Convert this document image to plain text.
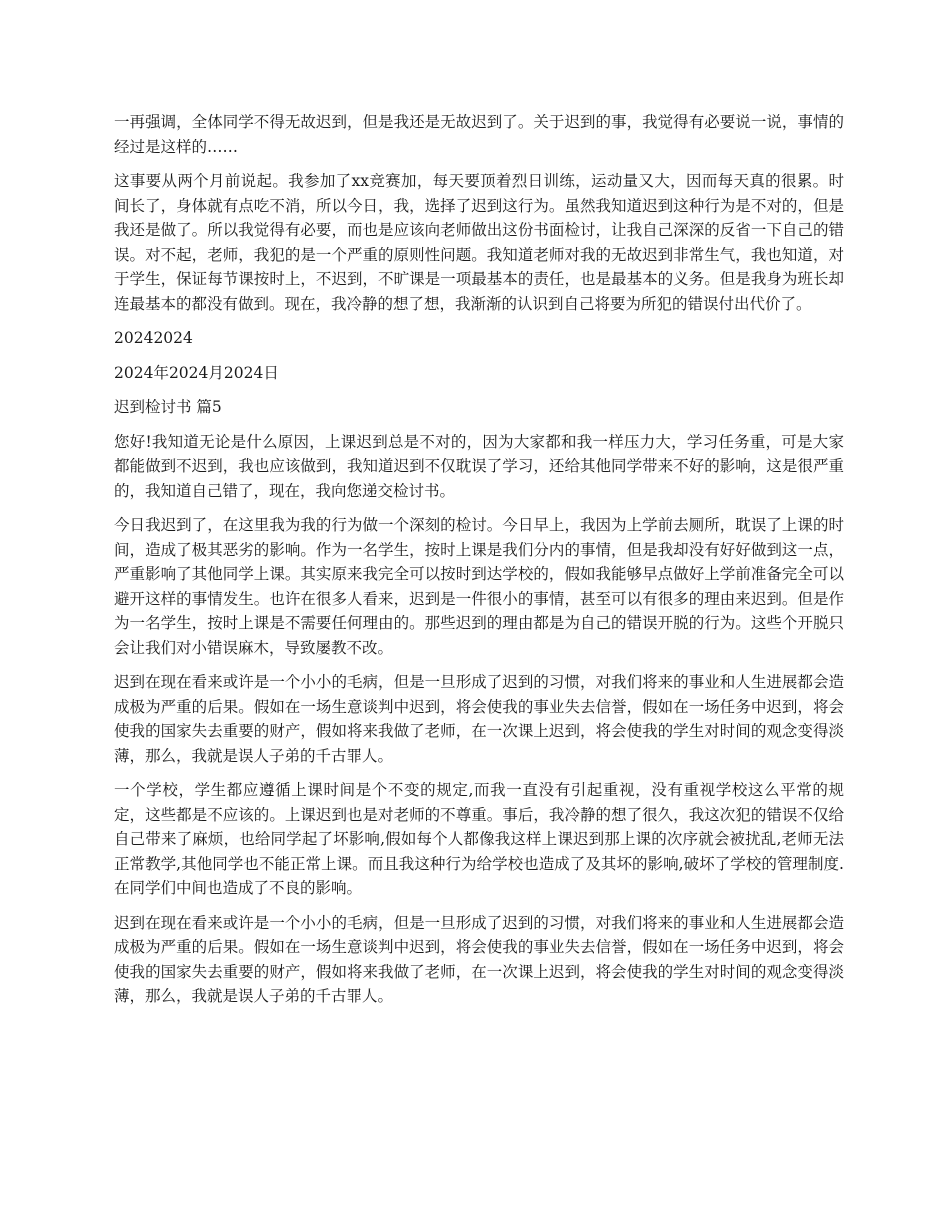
一再强调，全体同学不得无故迟到，但是我还是无故迟到了。关于迟到的事，我觉得有必要说一说，事情的经过是这样的……

这事要从两个月前说起。我参加了xx竞赛加，每天要顶着烈日训练，运动量又大，因而每天真的很累。时间长了，身体就有点吃不消，所以今日，我，选择了迟到这行为。虽然我知道迟到这种行为是不对的，但是我还是做了。所以我觉得有必要，而也是应该向老师做出这份书面检讨，让我自己深深的反省一下自己的错误。对不起，老师，我犯的是一个严重的原则性问题。我知道老师对我的无故迟到非常生气，我也知道，对于学生，保证每节课按时上，不迟到，不旷课是一项最基本的责任，也是最基本的义务。但是我身为班长却连最基本的都没有做到。现在，我冷静的想了想，我渐渐的认识到自己将要为所犯的错误付出代价了。

20242024

2024年2024月2024日

迟到检讨书 篇5

您好!我知道无论是什么原因，上课迟到总是不对的，因为大家都和我一样压力大，学习任务重，可是大家都能做到不迟到，我也应该做到，我知道迟到不仅耽误了学习，还给其他同学带来不好的影响，这是很严重的，我知道自己错了，现在，我向您递交检讨书。

今日我迟到了，在这里我为我的行为做一个深刻的检讨。今日早上，我因为上学前去厕所，耽误了上课的时间，造成了极其恶劣的影响。作为一名学生，按时上课是我们分内的事情，但是我却没有好好做到这一点，严重影响了其他同学上课。其实原来我完全可以按时到达学校的，假如我能够早点做好上学前准备完全可以避开这样的事情发生。也许在很多人看来，迟到是一件很小的事情，甚至可以有很多的理由来迟到。但是作为一名学生，按时上课是不需要任何理由的。那些迟到的理由都是为自己的错误开脱的行为。这些个开脱只会让我们对小错误麻木，导致屡教不改。

迟到在现在看来或许是一个小小的毛病，但是一旦形成了迟到的习惯，对我们将来的事业和人生进展都会造成极为严重的后果。假如在一场生意谈判中迟到，将会使我的事业失去信誉，假如在一场任务中迟到，将会使我的国家失去重要的财产，假如将来我做了老师，在一次课上迟到，将会使我的学生对时间的观念变得淡薄，那么，我就是误人子弟的千古罪人。

一个学校，学生都应遵循上课时间是个不变的规定,而我一直没有引起重视，没有重视学校这么平常的规定，这些都是不应该的。上课迟到也是对老师的不尊重。事后，我冷静的想了很久，我这次犯的错误不仅给自己带来了麻烦，也给同学起了坏影响,假如每个人都像我这样上课迟到那上课的次序就会被扰乱,老师无法正常教学,其他同学也不能正常上课。而且我这种行为给学校也造成了及其坏的影响,破坏了学校的管理制度.在同学们中间也造成了不良的影响。

迟到在现在看来或许是一个小小的毛病，但是一旦形成了迟到的习惯，对我们将来的事业和人生进展都会造成极为严重的后果。假如在一场生意谈判中迟到，将会使我的事业失去信誉，假如在一场任务中迟到，将会使我的国家失去重要的财产，假如将来我做了老师，在一次课上迟到，将会使我的学生对时间的观念变得淡薄，那么，我就是误人子弟的千古罪人。
